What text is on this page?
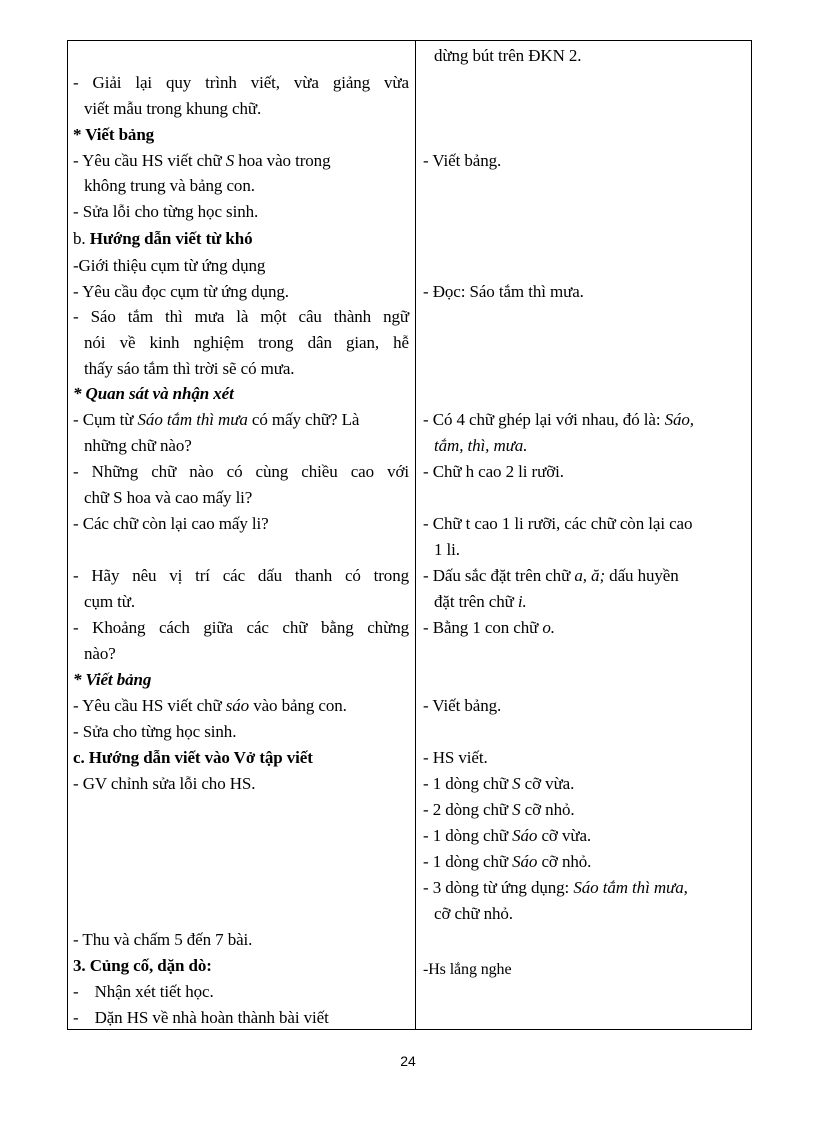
- Giải lại quy trình viết, vừa giảng vừa
viết mẫu trong khung chữ.
* Viết bảng
- Yêu cầu HS viết chữ S hoa vào trong
không trung và bảng con.
- Sửa lỗi cho từng học sinh.
b. Hướng dẫn viết từ khó
-Giới thiệu cụm từ ứng dụng
- Yêu cầu đọc cụm từ ứng dụng.
- Sáo tắm thì mưa là một câu thành ngữ
nói về kinh nghiệm trong dân gian, hễ
thấy sáo tắm thì trời sẽ có mưa.
* Quan sát và nhận xét
- Cụm từ Sáo tắm thì mưa có mấy chữ? Là
những chữ nào?
- Những chữ nào có cùng chiều cao với
chữ S hoa và cao mấy li?
- Các chữ còn lại cao mấy li?
- Hãy nêu vị trí các dấu thanh có trong
cụm từ.
- Khoảng cách giữa các chữ bằng chừng
nào?
* Viết bảng
- Yêu cầu HS viết chữ sáo vào bảng con.
- Sửa cho từng học sinh.
c. Hướng dẫn viết vào Vở tập viết
- GV chỉnh sửa lỗi cho HS.
- Thu và chấm 5 đến 7 bài.
3. Củng cố, dặn dò:
- Nhận xét tiết học.
- Dặn HS về nhà hoàn thành bài viết
dừng bút trên ĐKN 2.
- Viết bảng.
- Đọc: Sáo tắm thì mưa.
- Có 4 chữ ghép lại với nhau, đó là: Sáo,
tắm, thì, mưa.
- Chữ h cao 2 li rưỡi.
- Chữ t cao 1 li rưỡi, các chữ còn lại cao
1 li.
- Dấu sắc đặt trên chữ a, ă; dấu huyền
đặt trên chữ i.
- Bằng 1 con chữ o.
- Viết bảng.
- HS viết.
- 1 dòng chữ S cỡ vừa.
- 2 dòng chữ S cỡ nhỏ.
- 1 dòng chữ Sáo cỡ vừa.
- 1 dòng chữ Sáo cỡ nhỏ.
- 3 dòng từ ứng dụng: Sáo tắm thì mưa,
cỡ chữ nhỏ.
-Hs lắng nghe
24
